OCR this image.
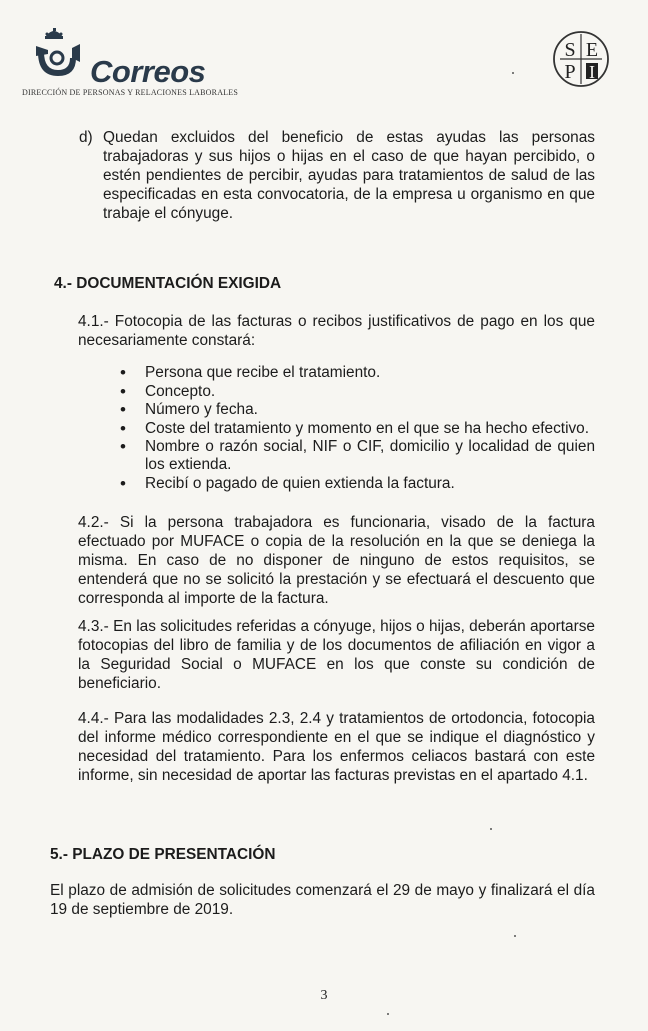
Correos
DIRECCIÓN DE PERSONAS Y RELACIONES LABORALES
S E
P I
d) Quedan excluidos del beneficio de estas ayudas las personas trabajadoras y sus hijos o hijas en el caso de que hayan percibido, o estén pendientes de percibir, ayudas para tratamientos de salud de las especificadas en esta convocatoria, de la empresa u organismo en que trabaje el cónyuge.
4.- DOCUMENTACIÓN EXIGIDA
4.1.- Fotocopia de las facturas o recibos justificativos de pago en los que necesariamente constará:
• Persona que recibe el tratamiento.
• Concepto.
• Número y fecha.
• Coste del tratamiento y momento en el que se ha hecho efectivo.
• Nombre o razón social, NIF o CIF, domicilio y localidad de quien los extienda.
• Recibí o pagado de quien extienda la factura.
4.2.- Si la persona trabajadora es funcionaria, visado de la factura efectuado por MUFACE o copia de la resolución en la que se deniega la misma. En caso de no disponer de ninguno de estos requisitos, se entenderá que no se solicitó la prestación y se efectuará el descuento que corresponda al importe de la factura.
4.3.- En las solicitudes referidas a cónyuge, hijos o hijas, deberán aportarse fotocopias del libro de familia y de los documentos de afiliación en vigor a la Seguridad Social o MUFACE en los que conste su condición de beneficiario.
4.4.- Para las modalidades 2.3, 2.4 y tratamientos de ortodoncia, fotocopia del informe médico correspondiente en el que se indique el diagnóstico y necesidad del tratamiento. Para los enfermos celiacos bastará con este informe, sin necesidad de aportar las facturas previstas en el apartado 4.1.
5.- PLAZO DE PRESENTACIÓN
El plazo de admisión de solicitudes comenzará el 29 de mayo y finalizará el día 19 de septiembre de 2019.
3
